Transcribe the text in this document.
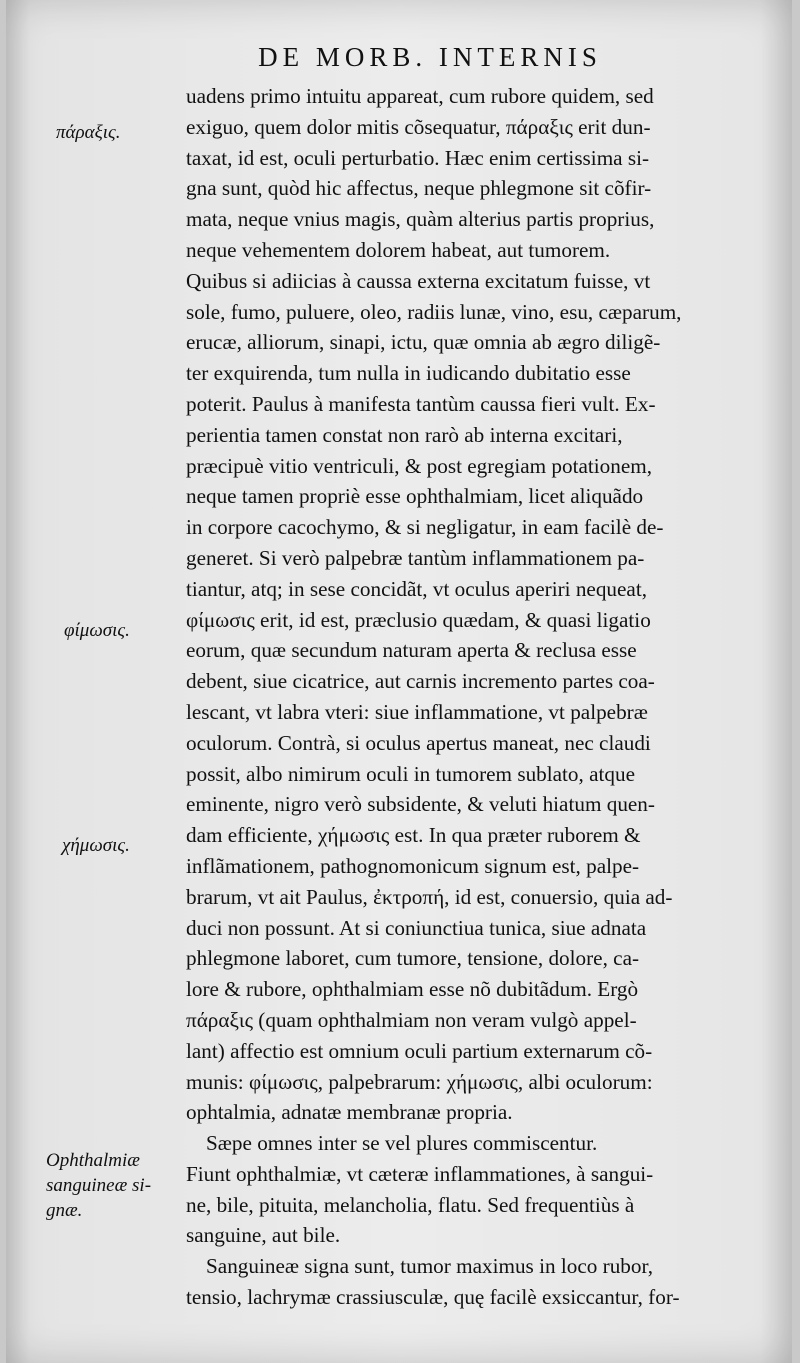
DE MORB. INTERNIS
πάραξις.
φίμωσις.
χήμωσις.
Ophthalmiæ sanguineæ si- gnæ.
uadens primo intuitu appareat, cum rubore quidem, sed
exiguo, quem dolor mitis cõsequatur, πάραξις erit dun-
taxat, id est, oculi perturbatio. Hæc enim certissima si-
gna sunt, quòd hic affectus, neque phlegmone sit cõfir-
mata, neque vnius magis, quàm alterius partis proprius,
neque vehementem dolorem habeat, aut tumorem.
Quibus si adiicias à caussa externa excitatum fuisse, vt
sole, fumo, puluere, oleo, radiis lunæ, vino, esu, cæparum,
erucæ, alliorum, sinapi, ictu, quæ omnia ab ægro diligẽ-
ter exquirenda, tum nulla in iudicando dubitatio esse
poterit. Paulus à manifesta tantùm caussa fieri vult. Ex-
perientia tamen constat non rarò ab interna excitari,
præcipuè vitio ventriculi, & post egregiam potationem,
neque tamen propriè esse ophthalmiam, licet aliquãdo
in corpore cacochymo, & si negligatur, in eam facilè de-
generet. Si verò palpebræ tantùm inflammationem pa-
tiantur, atq; in sese concidãt, vt oculus aperiri nequeat,
φίμωσις erit, id est, præclusio quædam, & quasi ligatio
eorum, quæ secundum naturam aperta & reclusa esse
debent, siue cicatrice, aut carnis incremento partes coa-
lescant, vt labra vteri: siue inflammatione, vt palpebræ
oculorum. Contrà, si oculus apertus maneat, nec claudi
possit, albo nimirum oculi in tumorem sublato, atque
eminente, nigro verò subsidente, & veluti hiatum quen-
dam efficiente, χήμωσις est. In qua præter ruborem &
inflãmationem, pathognomonicum signum est, palpe-
brarum, vt ait Paulus, ἐκτροπή, id est, conuersio, quia ad-
duci non possunt. At si coniunctiua tunica, siue adnata
phlegmone laboret, cum tumore, tensione, dolore, ca-
lore & rubore, ophthalmiam esse nõ dubitãdum. Ergò
πάραξις (quam ophthalmiam non veram vulgò appel-
lant) affectio est omnium oculi partium externarum cõ-
munis: φίμωσις, palpebrarum: χήμωσις, albi oculorum:
ophtalmia, adnatæ membranæ propria.
Sæpe omnes inter se vel plures commiscentur.
Fiunt ophthalmiæ, vt cæteræ inflammationes, à sangui-
ne, bile, pituita, melancholia, flatu. Sed frequentiùs à
sanguine, aut bile.
Sanguineæ signa sunt, tumor maximus in loco rubor,
tensio, lachrymæ crassiusculæ, quę facilè exsiccantur, for-
